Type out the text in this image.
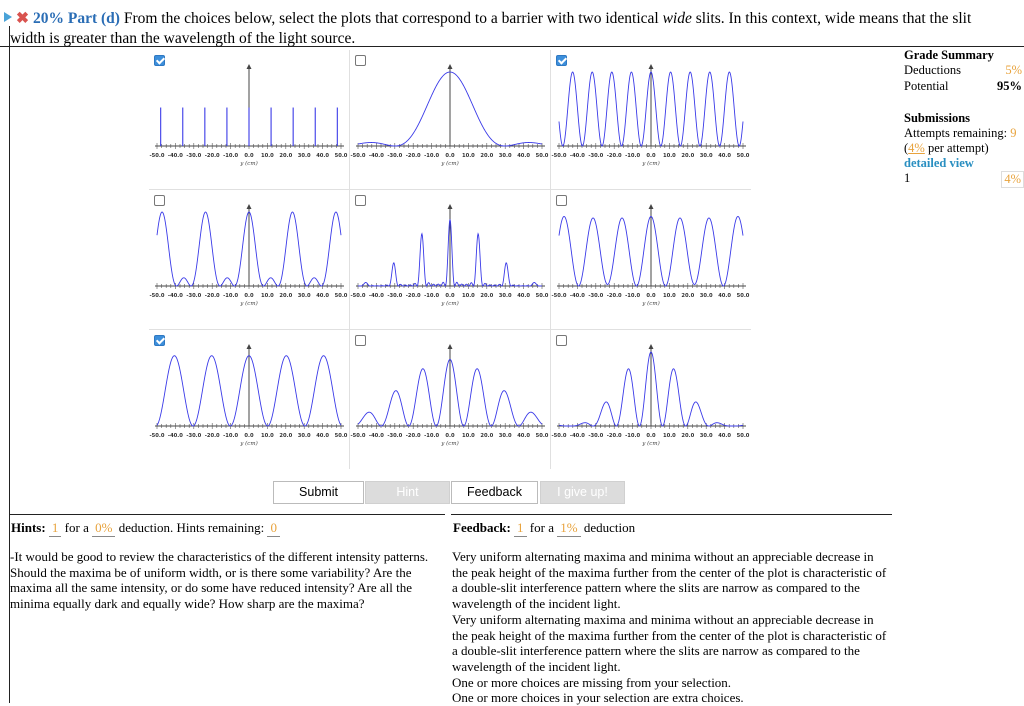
✖ 20% Part (d) From the choices below, select the plots that correspond to a barrier with two identical wide slits. In this context, wide means that the slit
width is greater than the wavelength of the light source.
-50.0 -40.0 -30.0 -20.0 -10.0 0.0 10.0 20.0 30.0 40.0 50.0
y (cm)
-50.0 -40.0 -30.0 -20.0 -10.0 0.0 10.0 20.0 30.0 40.0 50.0
y (cm)
-50.0 -40.0 -30.0 -20.0 -10.0 0.0 10.0 20.0 30.0 40.0 50.0
y (cm)
-50.0 -40.0 -30.0 -20.0 -10.0 0.0 10.0 20.0 30.0 40.0 50.0
y (cm)
-50.0 -40.0 -30.0 -20.0 -10.0 0.0 10.0 20.0 30.0 40.0 50.0
y (cm)
-50.0 -40.0 -30.0 -20.0 -10.0 0.0 10.0 20.0 30.0 40.0 50.0
y (cm)
-50.0 -40.0 -30.0 -20.0 -10.0 0.0 10.0 20.0 30.0 40.0 50.0
y (cm)
-50.0 -40.0 -30.0 -20.0 -10.0 0.0 10.0 20.0 30.0 40.0 50.0
y (cm)
-50.0 -40.0 -30.0 -20.0 -10.0 0.0 10.0 20.0 30.0 40.0 50.0
y (cm)
Grade Summary
Deductions	5%
Potential	95%
Submissions
Attempts remaining: 9
(4% per attempt)
detailed view
1	4%
Submit	Hint	Feedback	I give up!
Hints: 1 for a 0% deduction. Hints remaining: 0
-It would be good to review the characteristics of the different intensity patterns. Should the maxima be of uniform width, or is there some variability? Are the maxima all the same intensity, or do some have reduced intensity? Are all the minima equally dark and equally wide? How sharp are the maxima?
Feedback: 1 for a 1% deduction
Very uniform alternating maxima and minima without an appreciable decrease in the peak height of the maxima further from the center of the plot is characteristic of a double-slit interference pattern where the slits are narrow as compared to the wavelength of the incident light.
Very uniform alternating maxima and minima without an appreciable decrease in the peak height of the maxima further from the center of the plot is characteristic of a double-slit interference pattern where the slits are narrow as compared to the wavelength of the incident light.
One or more choices are missing from your selection.
One or more choices in your selection are extra choices.
